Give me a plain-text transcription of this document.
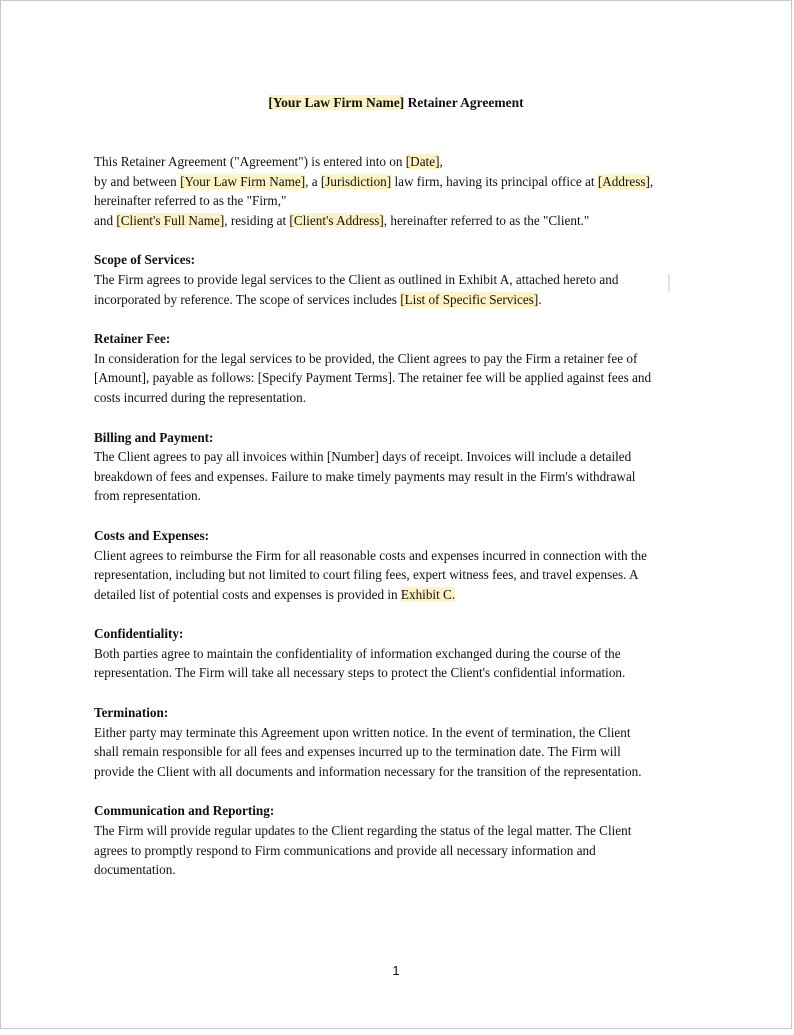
[Your Law Firm Name] Retainer Agreement
This Retainer Agreement ("Agreement") is entered into on [Date],
by and between [Your Law Firm Name], a [Jurisdiction] law firm, having its principal office at [Address],
hereinafter referred to as the "Firm,"
and [Client's Full Name], residing at [Client's Address], hereinafter referred to as the "Client."
Scope of Services:
The Firm agrees to provide legal services to the Client as outlined in Exhibit A, attached hereto and
incorporated by reference. The scope of services includes [List of Specific Services].
Retainer Fee:
In consideration for the legal services to be provided, the Client agrees to pay the Firm a retainer fee of
[Amount], payable as follows: [Specify Payment Terms]. The retainer fee will be applied against fees and
costs incurred during the representation.
Billing and Payment:
The Client agrees to pay all invoices within [Number] days of receipt. Invoices will include a detailed
breakdown of fees and expenses. Failure to make timely payments may result in the Firm's withdrawal
from representation.
Costs and Expenses:
Client agrees to reimburse the Firm for all reasonable costs and expenses incurred in connection with the
representation, including but not limited to court filing fees, expert witness fees, and travel expenses. A
detailed list of potential costs and expenses is provided in Exhibit C.
Confidentiality:
Both parties agree to maintain the confidentiality of information exchanged during the course of the
representation. The Firm will take all necessary steps to protect the Client's confidential information.
Termination:
Either party may terminate this Agreement upon written notice. In the event of termination, the Client
shall remain responsible for all fees and expenses incurred up to the termination date. The Firm will
provide the Client with all documents and information necessary for the transition of the representation.
Communication and Reporting:
The Firm will provide regular updates to the Client regarding the status of the legal matter. The Client
agrees to promptly respond to Firm communications and provide all necessary information and
documentation.
1
